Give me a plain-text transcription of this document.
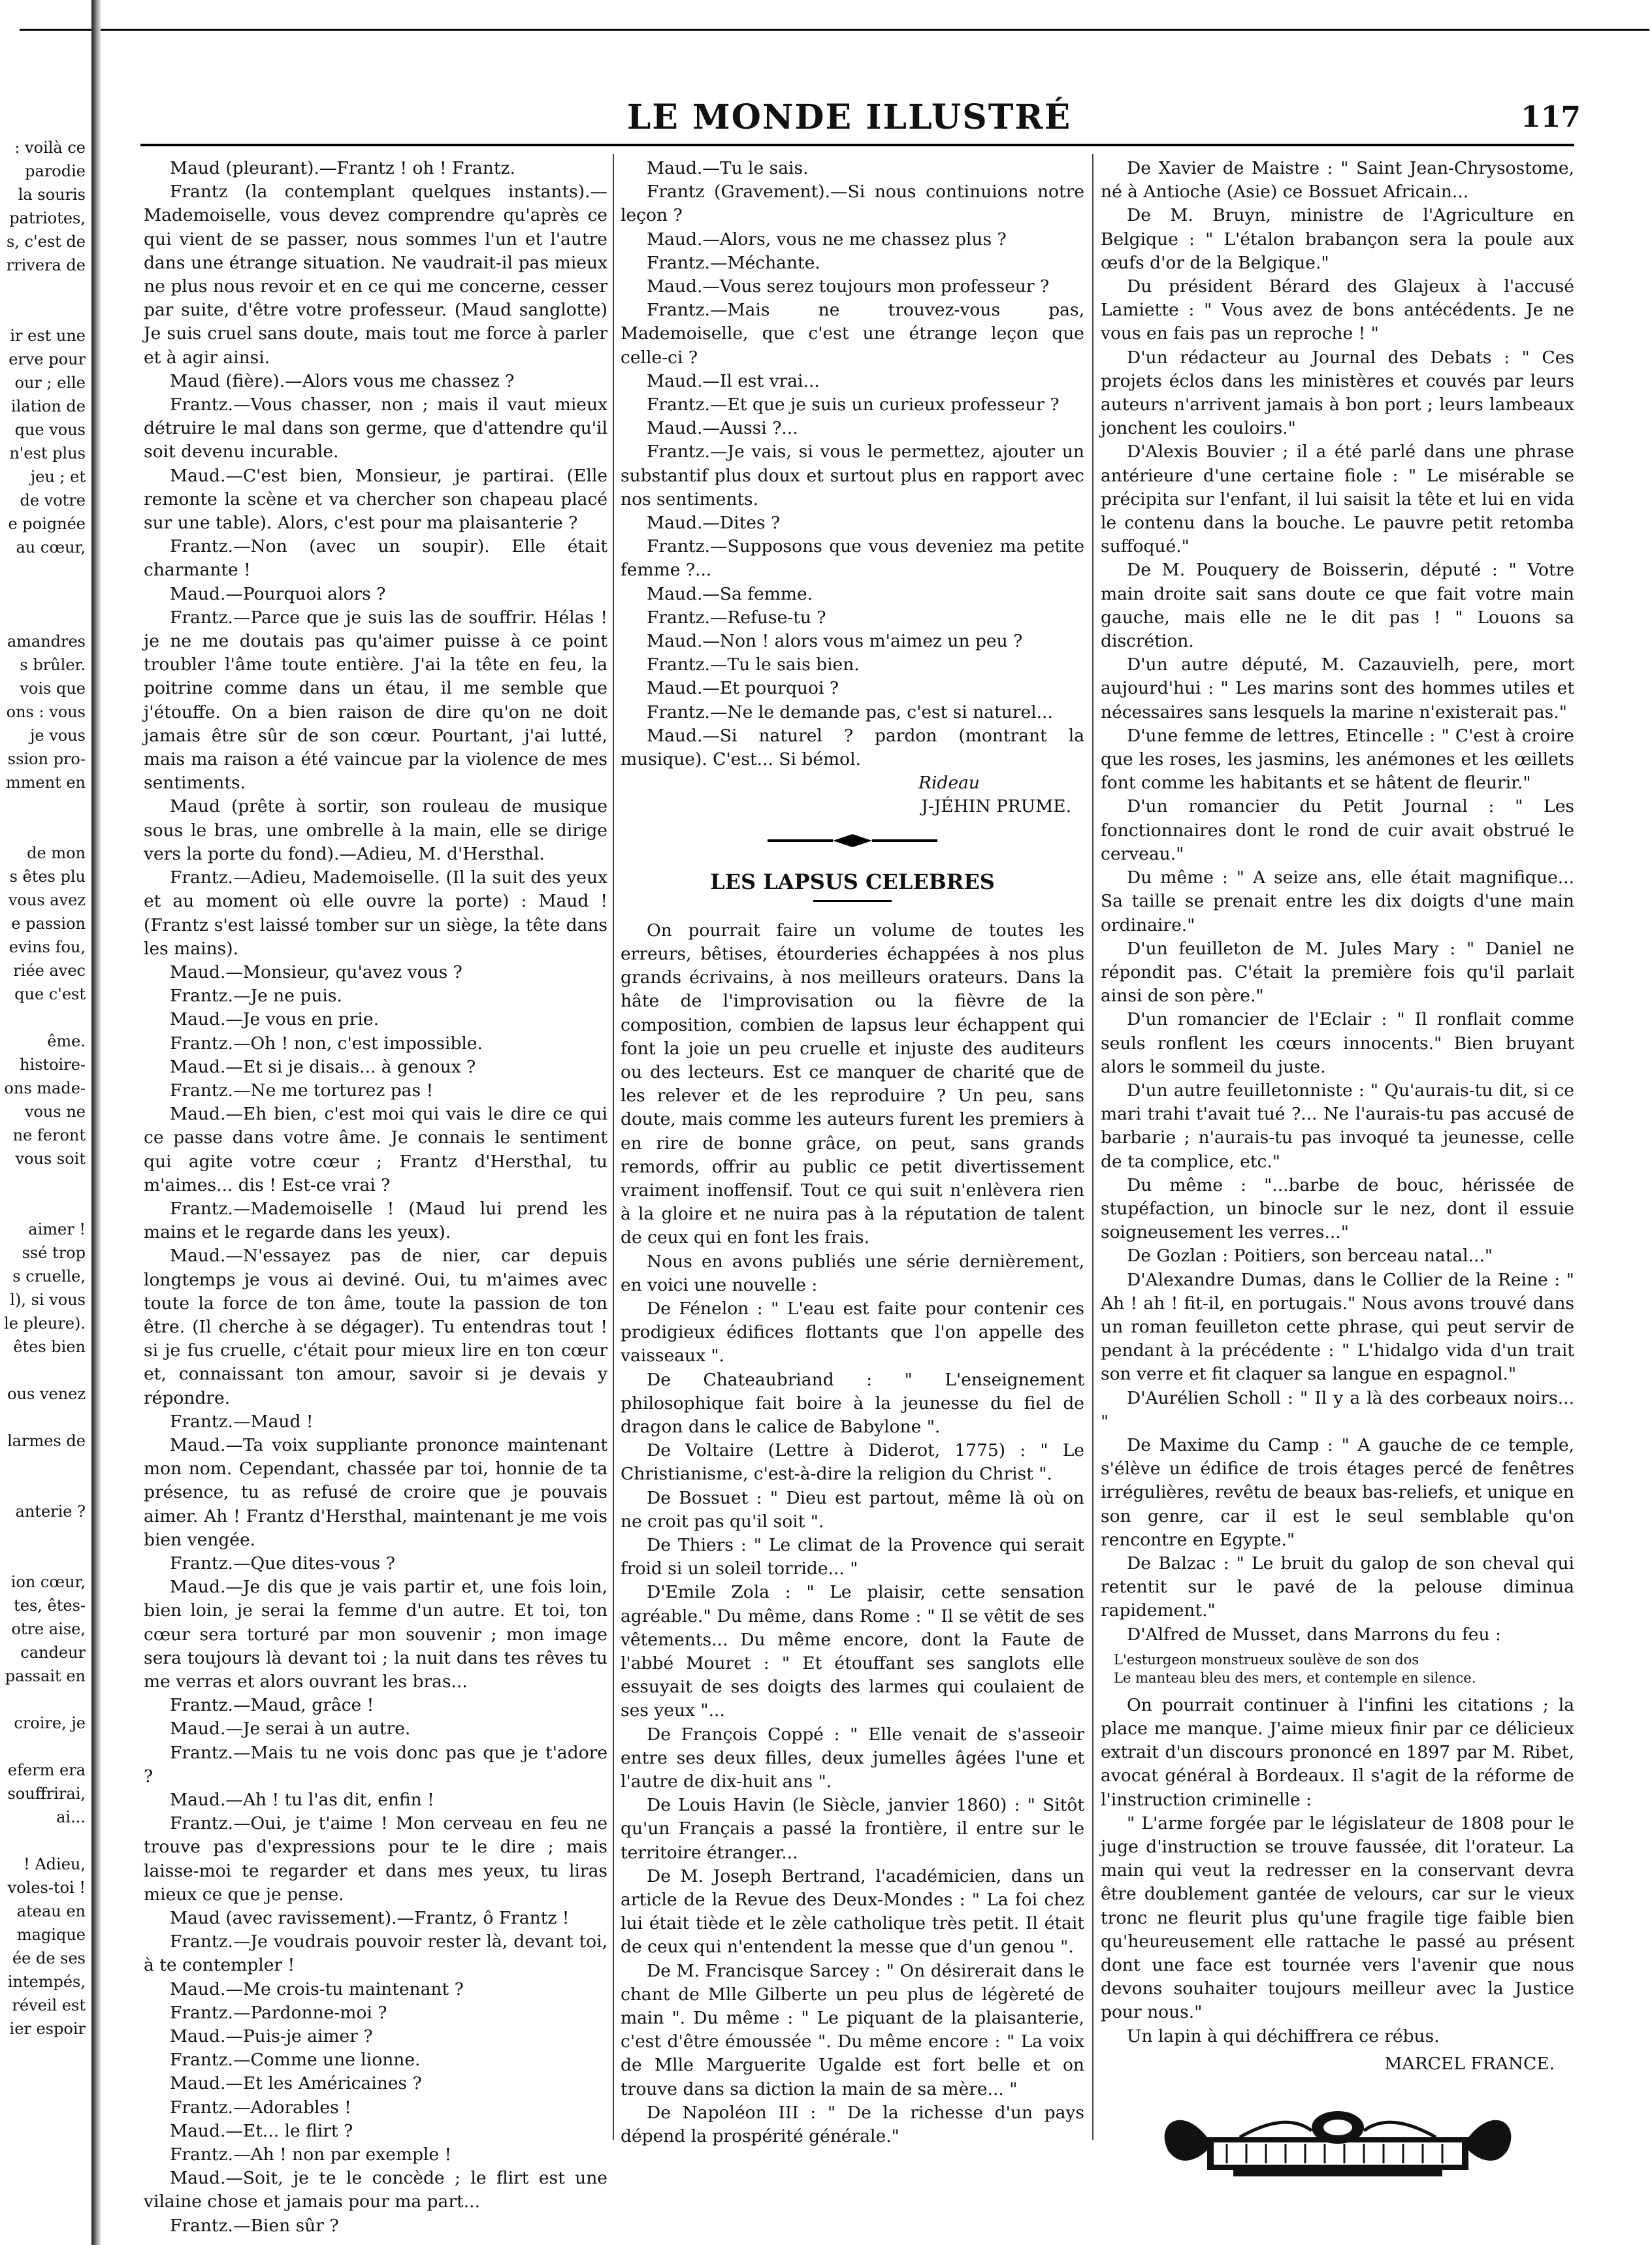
: voilà ce
parodie
la souris
patriotes,
s, c'est de
rrivera de
ir est une
erve pour
our ; elle
ilation de
que vous
n'est plus
jeu ; et
de votre
e poignée
au cœur,
amandres
s brûler.
vois que
ons : vous
je vous
ssion pro-
mment en
de mon
s êtes plu
vous avez
e passion
evins fou,
riée avec
que c'est
ême.
histoire-
ons made-
vous ne
ne feront
vous soit
aimer !
ssé trop
s cruelle,
l), si vous
le pleure).
êtes bien
ous venez
larmes de
anterie ?
ion cœur,
tes, êtes-
otre aise,
candeur
passait en
croire, je
eferm era
souffrirai,
ai...
! Adieu,
voles-toi !
ateau en
magique
ée de ses
intempés,
réveil est
ier espoir
LE MONDE ILLUSTRÉ	117

Maud (pleurant).—Frantz ! oh ! Frantz.

Frantz (la contemplant quelques instants).—Mademoiselle, vous devez comprendre qu'après ce qui vient de se passer, nous sommes l'un et l'autre dans une étrange situation. Ne vaudrait-il pas mieux ne plus nous revoir et en ce qui me concerne, cesser par suite, d'être votre professeur. (Maud sanglotte) Je suis cruel sans doute, mais tout me force à parler et à agir ainsi.

Maud (fière).—Alors vous me chassez ?

Frantz.—Vous chasser, non ; mais il vaut mieux détruire le mal dans son germe, que d'attendre qu'il soit devenu incurable.

Maud.—C'est bien, Monsieur, je partirai. (Elle remonte la scène et va chercher son chapeau placé sur une table). Alors, c'est pour ma plaisanterie ?

Frantz.—Non (avec un soupir). Elle était charmante !

Maud.—Pourquoi alors ?

Frantz.—Parce que je suis las de souffrir. Hélas ! je ne me doutais pas qu'aimer puisse à ce point troubler l'âme toute entière. J'ai la tête en feu, la poitrine comme dans un étau, il me semble que j'étouffe. On a bien raison de dire qu'on ne doit jamais être sûr de son cœur. Pourtant, j'ai lutté, mais ma raison a été vaincue par la violence de mes sentiments.

Maud (prête à sortir, son rouleau de musique sous le bras, une ombrelle à la main, elle se dirige vers la porte du fond).—Adieu, M. d'Hersthal.

Frantz.—Adieu, Mademoiselle. (Il la suit des yeux et au moment où elle ouvre la porte) : Maud ! (Frantz s'est laissé tomber sur un siège, la tête dans les mains).

Maud.—Monsieur, qu'avez vous ?

Frantz.—Je ne puis.

Maud.—Je vous en prie.

Frantz.—Oh ! non, c'est impossible.

Maud.—Et si je disais... à genoux ?

Frantz.—Ne me torturez pas !

Maud.—Eh bien, c'est moi qui vais le dire ce qui ce passe dans votre âme. Je connais le sentiment qui agite votre cœur ; Frantz d'Hersthal, tu m'aimes... dis ! Est-ce vrai ?

Frantz.—Mademoiselle ! (Maud lui prend les mains et le regarde dans les yeux).

Maud.—N'essayez pas de nier, car depuis longtemps je vous ai deviné. Oui, tu m'aimes avec toute la force de ton âme, toute la passion de ton être. (Il cherche à se dégager). Tu entendras tout ! si je fus cruelle, c'était pour mieux lire en ton cœur et, connaissant ton amour, savoir si je devais y répondre.

Frantz.—Maud !

Maud.—Ta voix suppliante prononce maintenant mon nom. Cependant, chassée par toi, honnie de ta présence, tu as refusé de croire que je pouvais aimer. Ah ! Frantz d'Hersthal, maintenant je me vois bien vengée.

Frantz.—Que dites-vous ?

Maud.—Je dis que je vais partir et, une fois loin, bien loin, je serai la femme d'un autre. Et toi, ton cœur sera torturé par mon souvenir ; mon image sera toujours là devant toi ; la nuit dans tes rêves tu me verras et alors ouvrant les bras...

Frantz.—Maud, grâce !

Maud.—Je serai à un autre.

Frantz.—Mais tu ne vois donc pas que je t'adore ?

Maud.—Ah ! tu l'as dit, enfin !

Frantz.—Oui, je t'aime ! Mon cerveau en feu ne trouve pas d'expressions pour te le dire ; mais laisse-moi te regarder et dans mes yeux, tu liras mieux ce que je pense.

Maud (avec ravissement).—Frantz, ô Frantz !

Frantz.—Je voudrais pouvoir rester là, devant toi, à te contempler !

Maud.—Me crois-tu maintenant ?

Frantz.—Pardonne-moi ?

Maud.—Puis-je aimer ?

Frantz.—Comme une lionne.

Maud.—Et les Américaines ?

Frantz.—Adorables !

Maud.—Et... le flirt ?

Frantz.—Ah ! non par exemple !

Maud.—Soit, je te le concède ; le flirt est une vilaine chose et jamais pour ma part...

Frantz.—Bien sûr ?

Maud.—Tu le sais.

Frantz (Gravement).—Si nous continuions notre leçon ?

Maud.—Alors, vous ne me chassez plus ?

Frantz.—Méchante.

Maud.—Vous serez toujours mon professeur ?

Frantz.—Mais ne trouvez-vous pas, Mademoiselle, que c'est une étrange leçon que celle-ci ?

Maud.—Il est vrai...

Frantz.—Et que je suis un curieux professeur ?

Maud.—Aussi ?...

Frantz.—Je vais, si vous le permettez, ajouter un substantif plus doux et surtout plus en rapport avec nos sentiments.

Maud.—Dites ?

Frantz.—Supposons que vous deveniez ma petite femme ?...

Maud.—Sa femme.

Frantz.—Refuse-tu ?

Maud.—Non ! alors vous m'aimez un peu ?

Frantz.—Tu le sais bien.

Maud.—Et pourquoi ?

Frantz.—Ne le demande pas, c'est si naturel...

Maud.—Si naturel ? pardon (montrant la musique). C'est... Si bémol.

Rideau

J-JÉHIN PRUME.

LES LAPSUS CELEBRES

On pourrait faire un volume de toutes les erreurs, bêtises, étourderies échappées à nos plus grands écrivains, à nos meilleurs orateurs. Dans la hâte de l'improvisation ou la fièvre de la composition, combien de lapsus leur échappent qui font la joie un peu cruelle et injuste des auditeurs ou des lecteurs. Est ce manquer de charité que de les relever et de les reproduire ? Un peu, sans doute, mais comme les auteurs furent les premiers à en rire de bonne grâce, on peut, sans grands remords, offrir au public ce petit divertissement vraiment inoffensif. Tout ce qui suit n'enlèvera rien à la gloire et ne nuira pas à la réputation de talent de ceux qui en font les frais.

Nous en avons publiés une série dernièrement, en voici une nouvelle :

De Fénelon : " L'eau est faite pour contenir ces prodigieux édifices flottants que l'on appelle des vaisseaux ".

De Chateaubriand : " L'enseignement philosophique fait boire à la jeunesse du fiel de dragon dans le calice de Babylone ".

De Voltaire (Lettre à Diderot, 1775) : " Le Christianisme, c'est-à-dire la religion du Christ ".

De Bossuet : " Dieu est partout, même là où on ne croit pas qu'il soit ".

De Thiers : " Le climat de la Provence qui serait froid si un soleil torride... "

D'Emile Zola : " Le plaisir, cette sensation agréable." Du même, dans Rome : " Il se vêtit de ses vêtements... Du même encore, dont la Faute de l'abbé Mouret : " Et étouffant ses sanglots elle essuyait de ses doigts des larmes qui coulaient de ses yeux "...

De François Coppé : " Elle venait de s'asseoir entre ses deux filles, deux jumelles âgées l'une et l'autre de dix-huit ans ".

De Louis Havin (le Siècle, janvier 1860) : " Sitôt qu'un Français a passé la frontière, il entre sur le territoire étranger...

De M. Joseph Bertrand, l'académicien, dans un article de la Revue des Deux-Mondes : " La foi chez lui était tiède et le zèle catholique très petit. Il était de ceux qui n'entendent la messe que d'un genou ".

De M. Francisque Sarcey : " On désirerait dans le chant de Mlle Gilberte un peu plus de légèreté de main ". Du même : " Le piquant de la plaisanterie, c'est d'être émoussée ". Du même encore : " La voix de Mlle Marguerite Ugalde est fort belle et on trouve dans sa diction la main de sa mère... "

De Napoléon III : " De la richesse d'un pays dépend la prospérité générale."

De Xavier de Maistre : " Saint Jean-Chrysostome, né à Antioche (Asie) ce Bossuet Africain...

De M. Bruyn, ministre de l'Agriculture en Belgique : " L'étalon brabançon sera la poule aux œufs d'or de la Belgique."

Du président Bérard des Glajeux à l'accusé Lamiette : " Vous avez de bons antécédents. Je ne vous en fais pas un reproche ! "

D'un rédacteur au Journal des Debats : " Ces projets éclos dans les ministères et couvés par leurs auteurs n'arrivent jamais à bon port ; leurs lambeaux jonchent les couloirs."

D'Alexis Bouvier ; il a été parlé dans une phrase antérieure d'une certaine fiole : " Le misérable se précipita sur l'enfant, il lui saisit la tête et lui en vida le contenu dans la bouche. Le pauvre petit retomba suffoqué."

De M. Pouquery de Boisserin, député : " Votre main droite sait sans doute ce que fait votre main gauche, mais elle ne le dit pas ! " Louons sa discrétion.

D'un autre député, M. Cazauvielh, pere, mort aujourd'hui : " Les marins sont des hommes utiles et nécessaires sans lesquels la marine n'existerait pas."

D'une femme de lettres, Etincelle : " C'est à croire que les roses, les jasmins, les anémones et les œillets font comme les habitants et se hâtent de fleurir."

D'un romancier du Petit Journal : " Les fonctionnaires dont le rond de cuir avait obstrué le cerveau."

Du même : " A seize ans, elle était magnifique... Sa taille se prenait entre les dix doigts d'une main ordinaire."

D'un feuilleton de M. Jules Mary : " Daniel ne répondit pas. C'était la première fois qu'il parlait ainsi de son père."

D'un romancier de l'Eclair : " Il ronflait comme seuls ronflent les cœurs innocents." Bien bruyant alors le sommeil du juste.

D'un autre feuilletonniste : " Qu'aurais-tu dit, si ce mari trahi t'avait tué ?... Ne l'aurais-tu pas accusé de barbarie ; n'aurais-tu pas invoqué ta jeunesse, celle de ta complice, etc."

Du même : "...barbe de bouc, hérissée de stupéfaction, un binocle sur le nez, dont il essuie soigneusement les verres..."

De Gozlan : Poitiers, son berceau natal..."

D'Alexandre Dumas, dans le Collier de la Reine : " Ah ! ah ! fit-il, en portugais." Nous avons trouvé dans un roman feuilleton cette phrase, qui peut servir de pendant à la précédente : " L'hidalgo vida d'un trait son verre et fit claquer sa langue en espagnol."

D'Aurélien Scholl : " Il y a là des corbeaux noirs... "

De Maxime du Camp : " A gauche de ce temple, s'élève un édifice de trois étages percé de fenêtres irrégulières, revêtu de beaux bas-reliefs, et unique en son genre, car il est le seul semblable qu'on rencontre en Egypte."

De Balzac : " Le bruit du galop de son cheval qui retentit sur le pavé de la pelouse diminua rapidement."

D'Alfred de Musset, dans Marrons du feu :

L'esturgeon monstrueux soulève de son dos
Le manteau bleu des mers, et contemple en silence.

On pourrait continuer à l'infini les citations ; la place me manque. J'aime mieux finir par ce délicieux extrait d'un discours prononcé en 1897 par M. Ribet, avocat général à Bordeaux. Il s'agit de la réforme de l'instruction criminelle :

" L'arme forgée par le législateur de 1808 pour le juge d'instruction se trouve faussée, dit l'orateur. La main qui veut la redresser en la conservant devra être doublement gantée de velours, car sur le vieux tronc ne fleurit plus qu'une fragile tige faible bien qu'heureusement elle rattache le passé au présent dont une face est tournée vers l'avenir que nous devons souhaiter toujours meilleur avec la Justice pour nous."

Un lapin à qui déchiffrera ce rébus.

MARCEL FRANCE.
